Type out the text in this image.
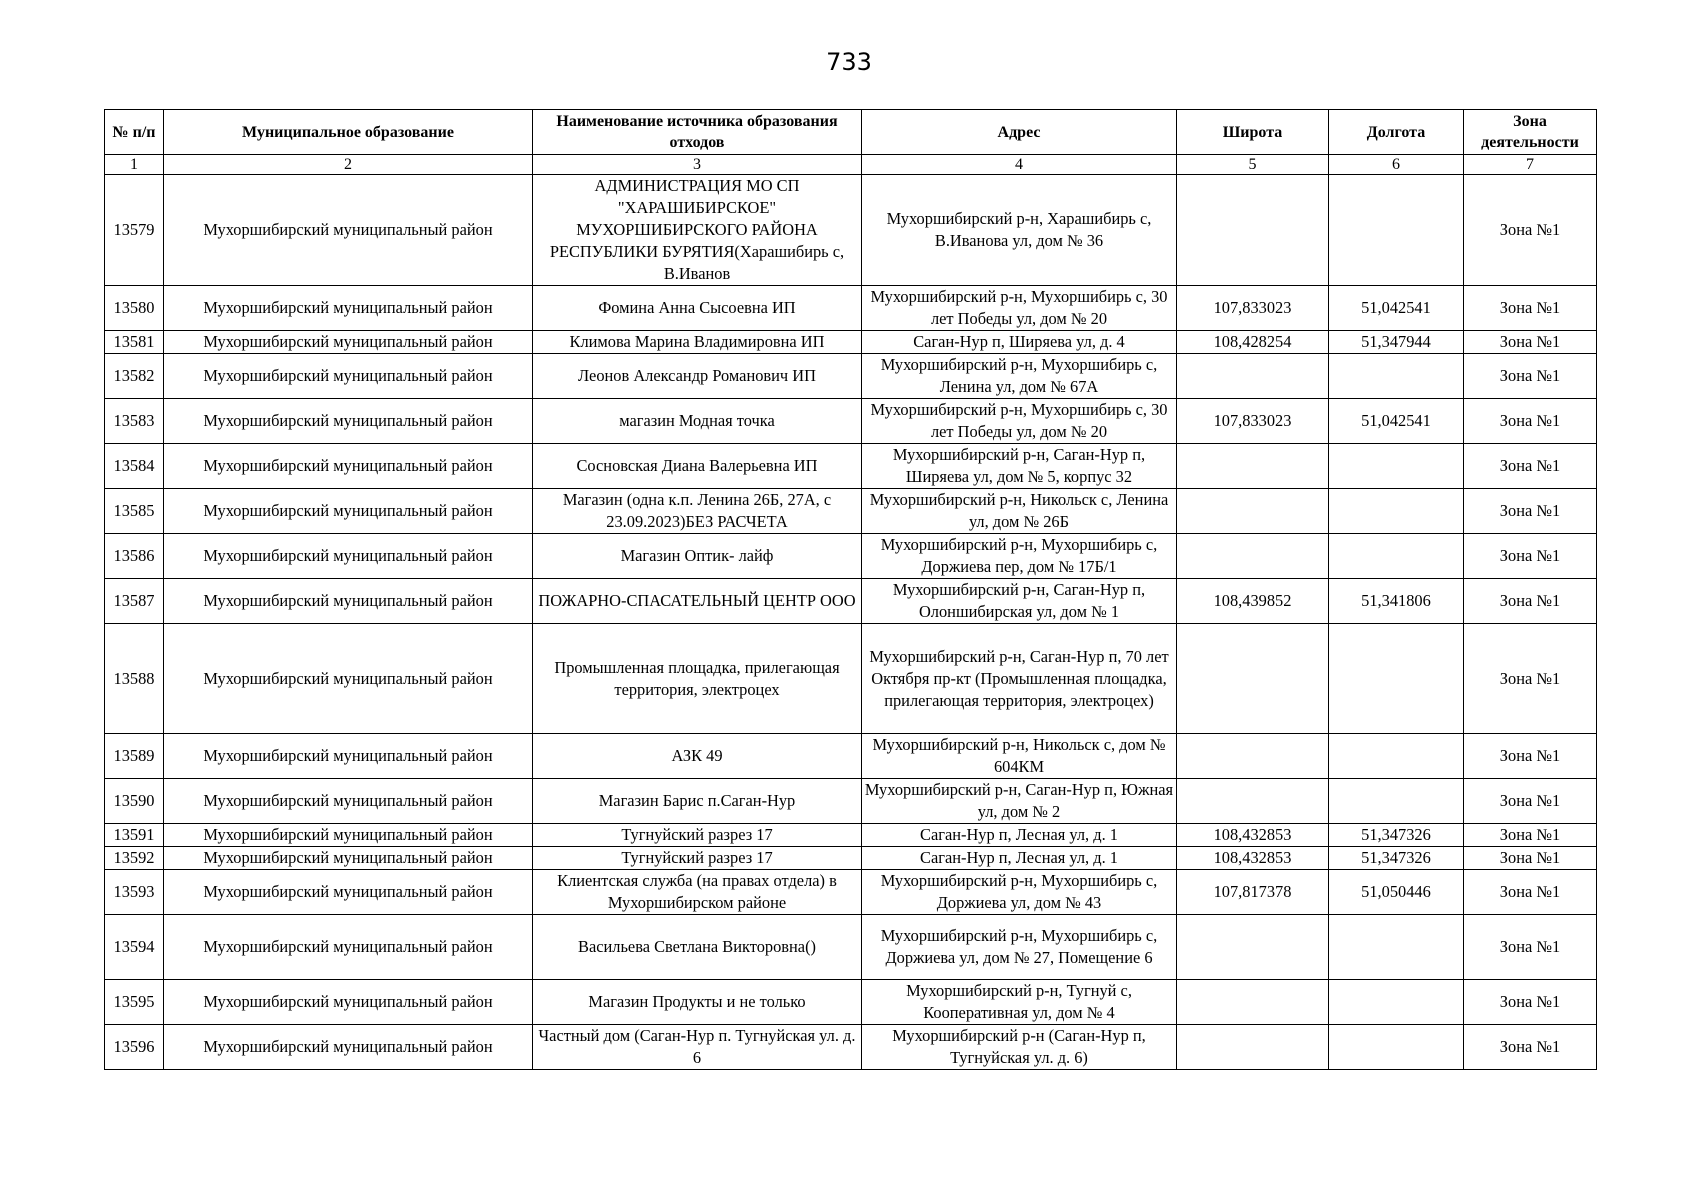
733
№ п/п	Муниципальное образование	Наименование источника образования отходов	Адрес	Широта	Долгота	Зона деятельности
1	2	3	4	5	6	7
13579	Мухоршибирский муниципальный район	АДМИНИСТРАЦИЯ МО СП "ХАРАШИБИРСКОЕ" МУХОРШИБИРСКОГО РАЙОНА РЕСПУБЛИКИ БУРЯТИЯ(Харашибирь с, В.Иванов	Мухоршибирский р-н, Харашибирь с, В.Иванова ул, дом № 36			Зона №1
13580	Мухоршибирский муниципальный район	Фомина Анна Сысоевна ИП	Мухоршибирский р-н, Мухоршибирь с, 30 лет Победы ул, дом № 20	107,833023	51,042541	Зона №1
13581	Мухоршибирский муниципальный район	Климова Марина Владимировна ИП	Саган-Нур п, Ширяева ул, д. 4	108,428254	51,347944	Зона №1
13582	Мухоршибирский муниципальный район	Леонов Александр Романович ИП	Мухоршибирский р-н, Мухоршибирь с, Ленина ул, дом № 67А			Зона №1
13583	Мухоршибирский муниципальный район	магазин Модная точка	Мухоршибирский р-н, Мухоршибирь с, 30 лет Победы ул, дом № 20	107,833023	51,042541	Зона №1
13584	Мухоршибирский муниципальный район	Сосновская Диана Валерьевна ИП	Мухоршибирский р-н, Саган-Нур п, Ширяева ул, дом № 5, корпус 32			Зона №1
13585	Мухоршибирский муниципальный район	Магазин (одна к.п. Ленина 26Б, 27А, с 23.09.2023)БЕЗ РАСЧЕТА	Мухоршибирский р-н, Никольск с, Ленина ул, дом № 26Б			Зона №1
13586	Мухоршибирский муниципальный район	Магазин Оптик- лайф	Мухоршибирский р-н, Мухоршибирь с, Доржиева пер, дом № 17Б/1			Зона №1
13587	Мухоршибирский муниципальный район	ПОЖАРНО-СПАСАТЕЛЬНЫЙ ЦЕНТР ООО	Мухоршибирский р-н, Саган-Нур п, Олоншибирская ул, дом № 1	108,439852	51,341806	Зона №1
13588	Мухоршибирский муниципальный район	Промышленная площадка, прилегающая территория, электроцех	Мухоршибирский р-н, Саган-Нур п, 70 лет Октября пр-кт (Промышленная площадка, прилегающая территория, электроцех)			Зона №1
13589	Мухоршибирский муниципальный район	АЗК 49	Мухоршибирский р-н, Никольск с, дом № 604КМ			Зона №1
13590	Мухоршибирский муниципальный район	Магазин Барис п.Саган-Нур	Мухоршибирский р-н, Саган-Нур п, Южная ул, дом № 2			Зона №1
13591	Мухоршибирский муниципальный район	Тугнуйский разрез 17	Саган-Нур п, Лесная ул, д. 1	108,432853	51,347326	Зона №1
13592	Мухоршибирский муниципальный район	Тугнуйский разрез 17	Саган-Нур п, Лесная ул, д. 1	108,432853	51,347326	Зона №1
13593	Мухоршибирский муниципальный район	Клиентская служба (на правах отдела) в Мухоршибирском районе	Мухоршибирский р-н, Мухоршибирь с, Доржиева ул, дом № 43	107,817378	51,050446	Зона №1
13594	Мухоршибирский муниципальный район	Васильева Светлана Викторовна()	Мухоршибирский р-н, Мухоршибирь с, Доржиева ул, дом № 27, Помещение 6			Зона №1
13595	Мухоршибирский муниципальный район	Магазин Продукты и не только	Мухоршибирский р-н, Тугнуй с, Кооперативная ул, дом № 4			Зона №1
13596	Мухоршибирский муниципальный район	Частный дом (Саган-Нур п. Тугнуйская ул. д. 6	Мухоршибирский р-н (Саган-Нур п, Тугнуйская ул. д. 6)			Зона №1
